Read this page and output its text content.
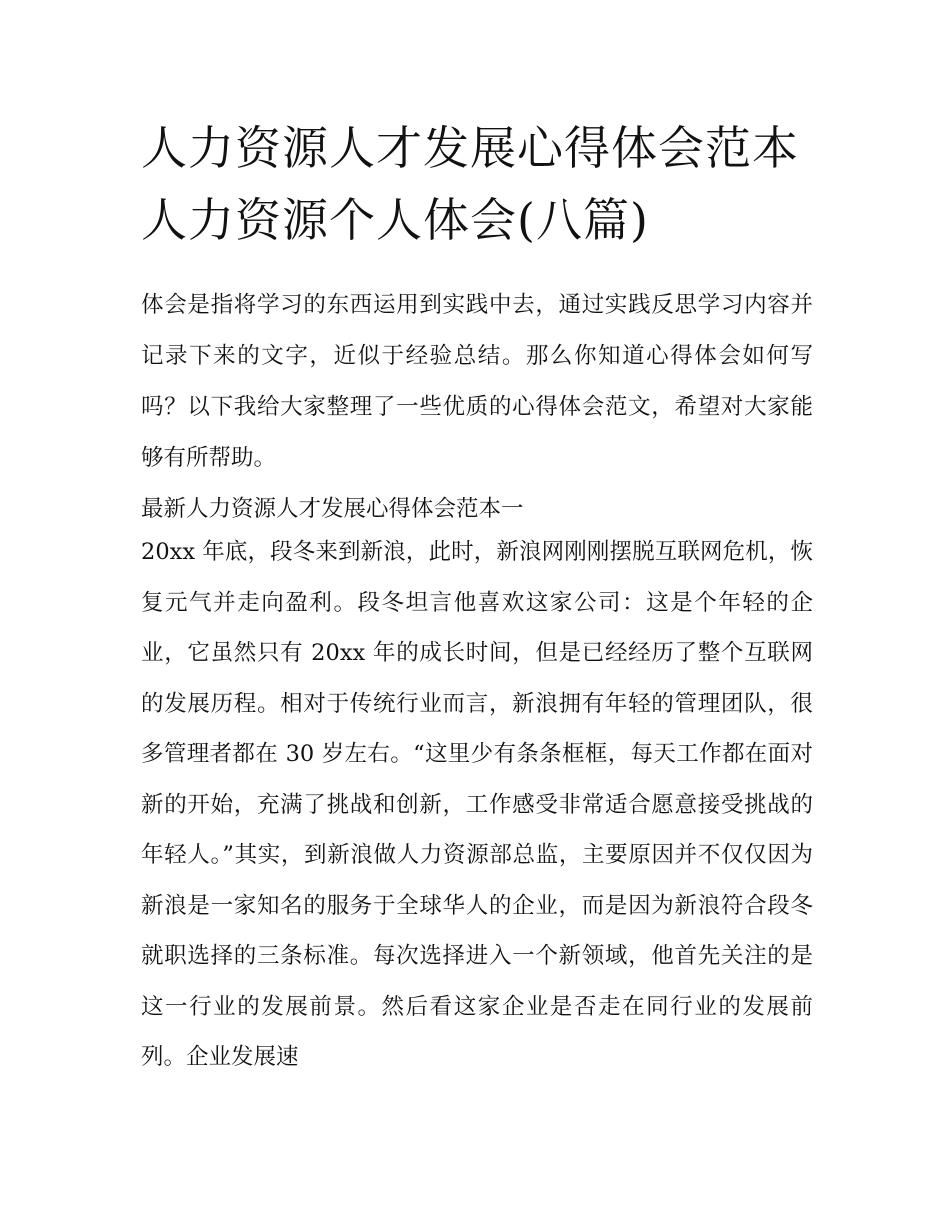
人力资源人才发展心得体会范本 人力资源个人体会(八篇)

体会是指将学习的东西运用到实践中去，通过实践反思学习内容并记录下来的文字，近似于经验总结。那么你知道心得体会如何写吗？以下我给大家整理了一些优质的心得体会范文，希望对大家能够有所帮助。

最新人力资源人才发展心得体会范本一

20xx 年底，段冬来到新浪，此时，新浪网刚刚摆脱互联网危机，恢复元气并走向盈利。段冬坦言他喜欢这家公司：这是个年轻的企业，它虽然只有 20xx 年的成长时间，但是已经经历了整个互联网的发展历程。相对于传统行业而言，新浪拥有年轻的管理团队，很多管理者都在 30 岁左右。“这里少有条条框框，每天工作都在面对新的开始，充满了挑战和创新，工作感受非常适合愿意接受挑战的年轻人。”其实，到新浪做人力资源部总监，主要原因并不仅仅因为新浪是一家知名的服务于全球华人的企业，而是因为新浪符合段冬就职选择的三条标准。每次选择进入一个新领域，他首先关注的是这一行业的发展前景。然后看这家企业是否走在同行业的发展前列。企业发展速
